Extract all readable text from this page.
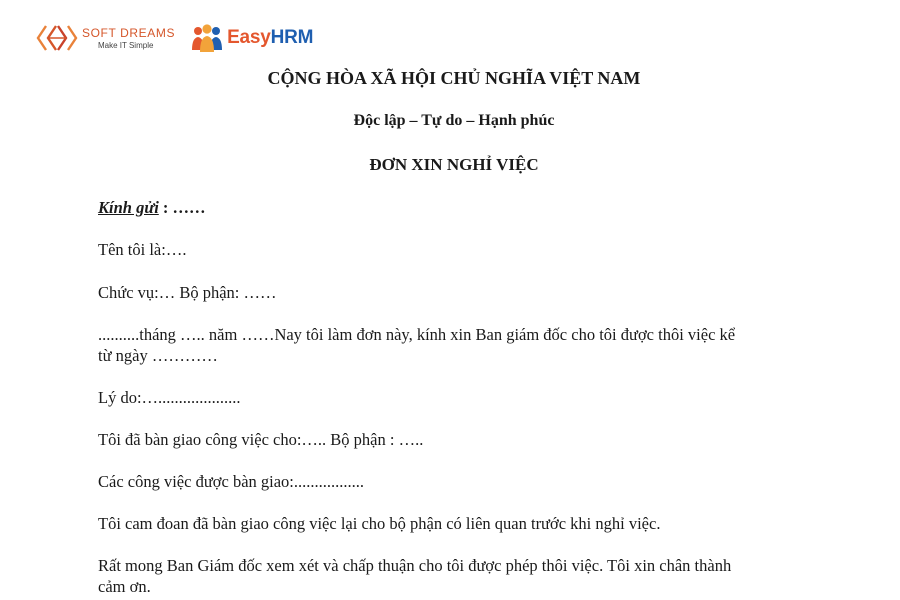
SOFT DREAMS
Make IT Simple	EasyHRM
CỘNG HÒA XÃ HỘI CHỦ NGHĨA VIỆT NAM
Độc lập – Tự do – Hạnh phúc
ĐƠN XIN NGHỈ VIỆC
Kính gửi : ……
Tên tôi là:….
Chức vụ:… Bộ phận: ……
..........tháng ….. năm ……Nay tôi làm đơn này, kính xin Ban giám đốc cho tôi được thôi việc kể
từ ngày …………
Lý do:…....................
Tôi đã bàn giao công việc cho:….. Bộ phận : …..
Các công việc được bàn giao:.................
Tôi cam đoan đã bàn giao công việc lại cho bộ phận có liên quan trước khi nghỉ việc.
Rất mong Ban Giám đốc xem xét và chấp thuận cho tôi được phép thôi việc. Tôi xin chân thành
cảm ơn.
